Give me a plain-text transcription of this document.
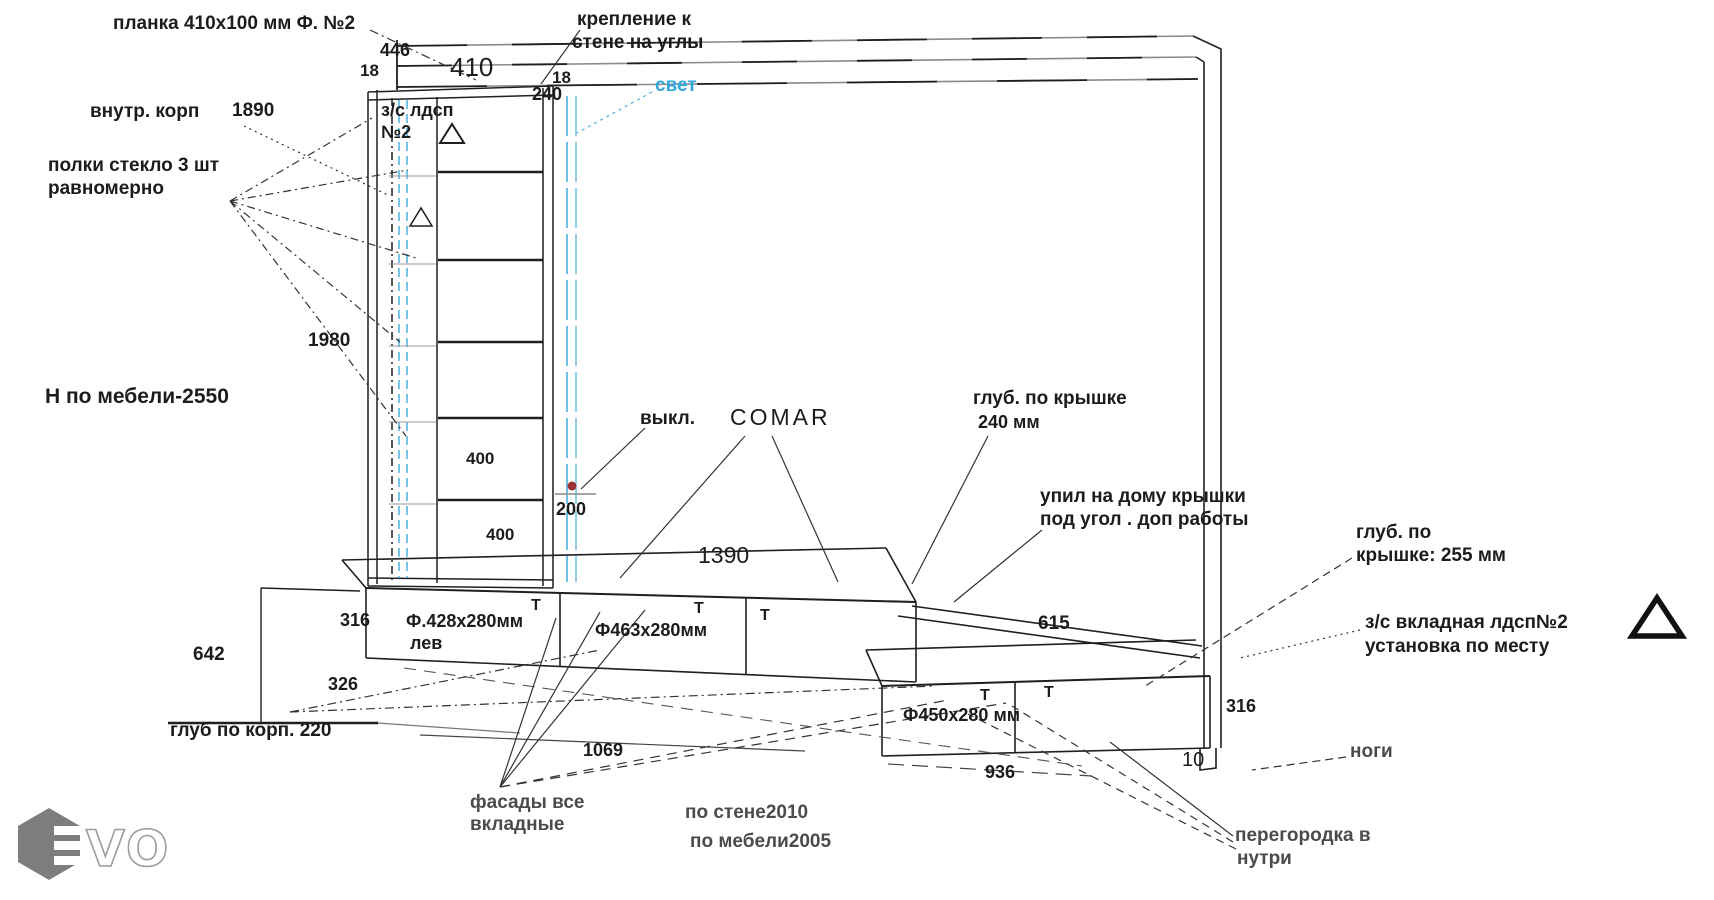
VO
планка 410x100 мм Ф. №2	крепление к
стене на углы
свет
446
18	410	18
240
внутр. корп 1890	з/с лдсп
№2
полки стекло 3 шт
равномерно
1980
Н по мебели-2550
400
400
200
выкл. COMAR
1390
глуб. по крышке
240 мм
упил на дому крышки
под угол . доп работы
глуб. по
крышке: 255 мм
з/с вкладная лдсп№2
установка по месту
316 Ф.428x280мм
лев
642
326
Ф463x280мм	615
глуб по корп. 220
1069
Т	Т	Т
Т	Т
Ф450x280 мм	316
936
10	ноги
перегородка в
нутри
фасады все
вкладные
по стене2010
по мебели2005
